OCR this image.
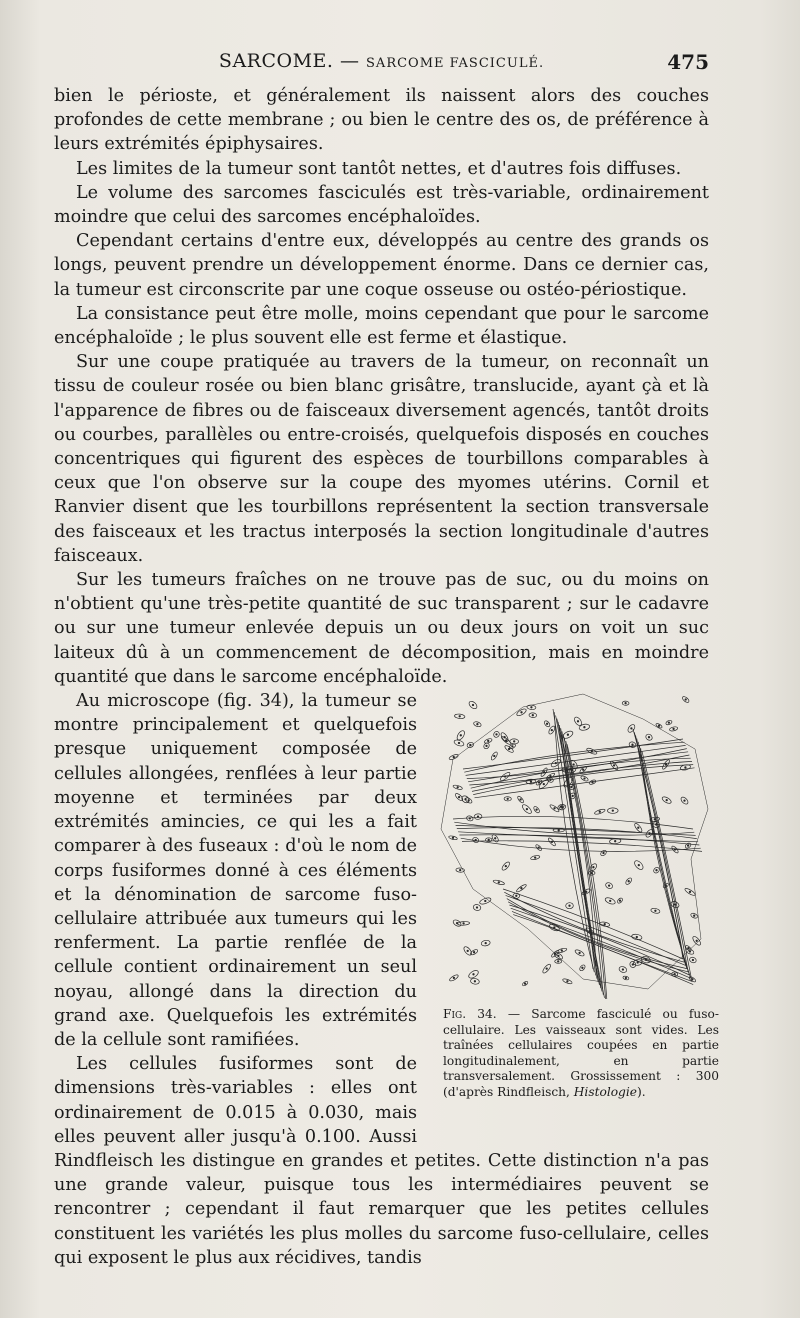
SARCOME. — SARCOME FASCICULÉ.	475

bien le périoste, et généralement ils naissent alors des couches profondes de cette membrane ; ou bien le centre des os, de préférence à leurs extrémités épiphysaires.

Les limites de la tumeur sont tantôt nettes, et d'autres fois diffuses.

Le volume des sarcomes fasciculés est très-variable, ordinairement moindre que celui des sarcomes encéphaloïdes.

Cependant certains d'entre eux, développés au centre des grands os longs, peuvent prendre un développement énorme. Dans ce dernier cas, la tumeur est circonscrite par une coque osseuse ou ostéo-périostique.

La consistance peut être molle, moins cependant que pour le sarcome encéphaloïde ; le plus souvent elle est ferme et élastique.

Sur une coupe pratiquée au travers de la tumeur, on reconnaît un tissu de couleur rosée ou bien blanc grisâtre, translucide, ayant çà et là l'apparence de fibres ou de faisceaux diversement agencés, tantôt droits ou courbes, parallèles ou entre-croisés, quelquefois disposés en couches concentriques qui figurent des espèces de tourbillons comparables à ceux que l'on observe sur la coupe des myomes utérins. Cornil et Ranvier disent que les tourbillons représentent la section transversale des faisceaux et les tractus interposés la section longitudinale d'autres faisceaux.

Sur les tumeurs fraîches on ne trouve pas de suc, ou du moins on n'obtient qu'une très-petite quantité de suc transparent ; sur le cadavre ou sur une tumeur enlevée depuis un ou deux jours on voit un suc laiteux dû à un commencement de décomposition, mais en moindre quantité que dans le sarcome encéphaloïde.

Fig. 34. — Sarcome fasciculé ou fuso-cellulaire. Les vaisseaux sont vides. Les traînées cellulaires coupées en partie longitudinalement, en partie transversalement. Grossissement : 300 (d'après Rindfleisch, Histologie).

Au microscope (fig. 34), la tumeur se montre principalement et quelquefois presque uniquement composée de cellules allongées, renflées à leur partie moyenne et terminées par deux extrémités amincies, ce qui les a fait comparer à des fuseaux : d'où le nom de corps fusiformes donné à ces éléments et la dénomination de sarcome fuso-cellulaire attribuée aux tumeurs qui les renferment. La partie renflée de la cellule contient ordinairement un seul noyau, allongé dans la direction du grand axe. Quelquefois les extrémités de la cellule sont ramifiées.

Les cellules fusiformes sont de dimensions très-variables : elles ont ordinairement de 0.015 à 0.030, mais elles peuvent aller jusqu'à 0.100. Aussi Rindfleisch les distingue en grandes et petites. Cette distinction n'a pas une grande valeur, puisque tous les intermédiaires peuvent se rencontrer ; cependant il faut remarquer que les petites cellules constituent les variétés les plus molles du sarcome fuso-cellulaire, celles qui exposent le plus aux récidives, tandis
